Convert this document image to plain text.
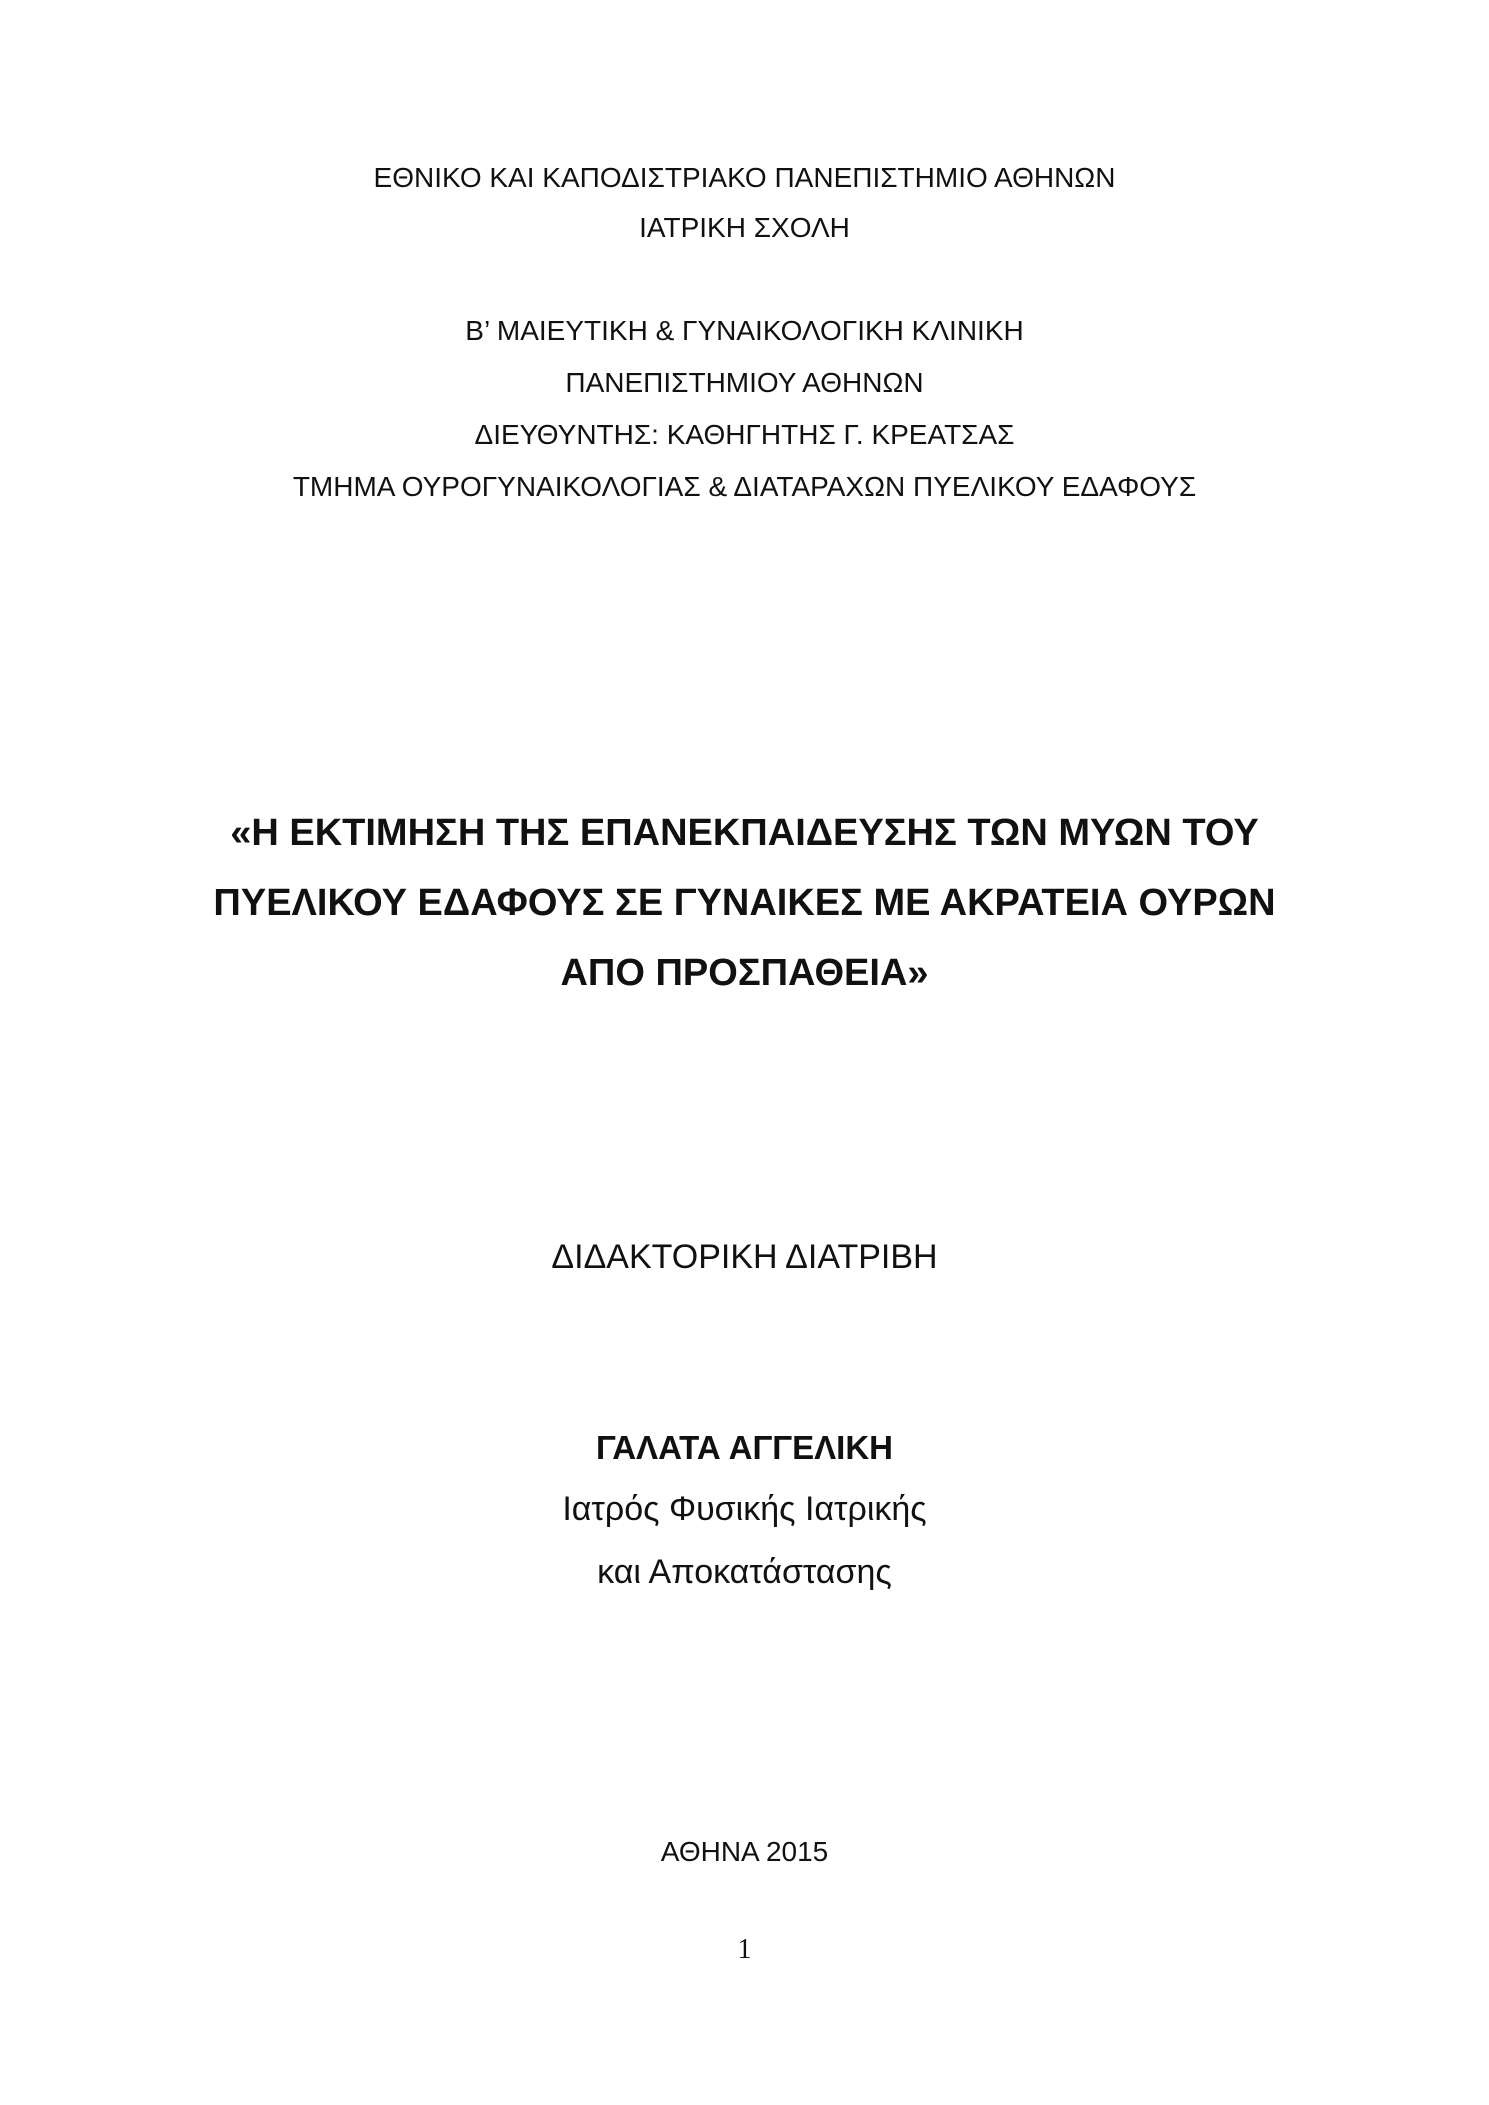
ΕΘΝΙΚΟ ΚΑΙ ΚΑΠΟΔΙΣΤΡΙΑΚΟ ΠΑΝΕΠΙΣΤΗΜΙΟ ΑΘΗΝΩΝ
ΙΑΤΡΙΚΗ ΣΧΟΛΗ
Β’ ΜΑΙΕΥΤΙΚΗ & ΓΥΝΑΙΚΟΛΟΓΙΚΗ ΚΛΙΝΙΚΗ
ΠΑΝΕΠΙΣΤΗΜΙΟΥ ΑΘΗΝΩΝ
ΔΙΕΥΘΥΝΤΗΣ: ΚΑΘΗΓΗΤΗΣ Γ. ΚΡΕΑΤΣΑΣ
ΤΜΗΜΑ ΟΥΡΟΓΥΝΑΙΚΟΛΟΓΙΑΣ & ΔΙΑΤΑΡΑΧΩΝ ΠΥΕΛΙΚΟΥ ΕΔΑΦΟΥΣ
«Η ΕΚΤΙΜΗΣΗ ΤΗΣ ΕΠΑΝΕΚΠΑΙΔΕΥΣΗΣ ΤΩΝ ΜΥΩΝ ΤΟΥ
ΠΥΕΛΙΚΟΥ ΕΔΑΦΟΥΣ ΣΕ ΓΥΝΑΙΚΕΣ ΜΕ ΑΚΡΑΤΕΙΑ ΟΥΡΩΝ
ΑΠΟ ΠΡΟΣΠΑΘΕΙΑ»
ΔΙΔΑΚΤΟΡΙΚΗ ΔΙΑΤΡΙΒΗ
ΓΑΛΑΤΑ ΑΓΓΕΛΙΚΗ
Ιατρός Φυσικής Ιατρικής
και Αποκατάστασης
ΑΘΗΝΑ 2015
1
